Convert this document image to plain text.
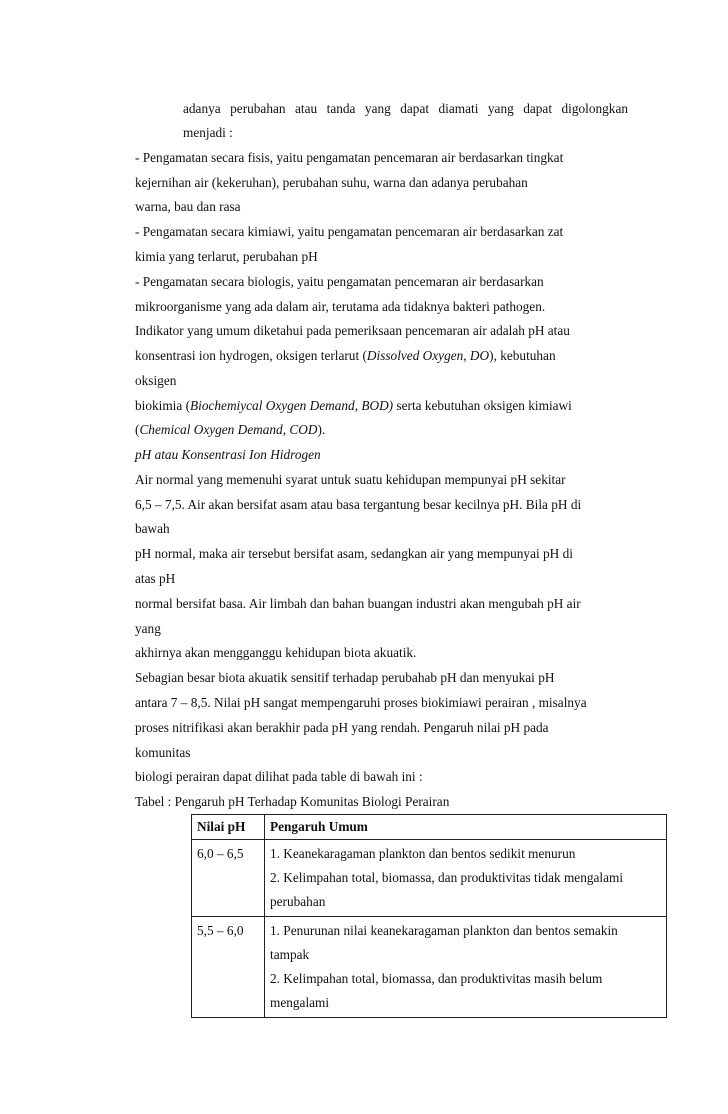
adanya perubahan atau tanda yang dapat diamati yang dapat digolongkan
menjadi :
- Pengamatan secara fisis, yaitu pengamatan pencemaran air berdasarkan tingkat
kejernihan air (kekeruhan), perubahan suhu, warna dan adanya perubahan
warna, bau dan rasa
- Pengamatan secara kimiawi, yaitu pengamatan pencemaran air berdasarkan zat
kimia yang terlarut, perubahan pH
- Pengamatan secara biologis, yaitu pengamatan pencemaran air berdasarkan
mikroorganisme yang ada dalam air, terutama ada tidaknya bakteri pathogen.
Indikator yang umum diketahui pada pemeriksaan pencemaran air adalah pH atau
konsentrasi ion hydrogen, oksigen terlarut (Dissolved Oxygen, DO), kebutuhan
oksigen
biokimia (Biochemiycal Oxygen Demand, BOD) serta kebutuhan oksigen kimiawi
(Chemical Oxygen Demand, COD).
pH atau Konsentrasi Ion Hidrogen
Air normal yang memenuhi syarat untuk suatu kehidupan mempunyai pH sekitar
6,5 – 7,5. Air akan bersifat asam atau basa tergantung besar kecilnya pH. Bila pH di
bawah
pH normal, maka air tersebut bersifat asam, sedangkan air yang mempunyai pH di
atas pH
normal bersifat basa. Air limbah dan bahan buangan industri akan mengubah pH air
yang
akhirnya akan mengganggu kehidupan biota akuatik.
Sebagian besar biota akuatik sensitif terhadap perubahab pH dan menyukai pH
antara 7 – 8,5. Nilai pH sangat mempengaruhi proses biokimiawi perairan , misalnya
proses nitrifikasi akan berakhir pada pH yang rendah. Pengaruh nilai pH pada
komunitas
biologi perairan dapat dilihat pada table di bawah ini :
Tabel : Pengaruh pH Terhadap Komunitas Biologi Perairan
Nilai pH	Pengaruh Umum
6,0 – 6,5	1. Keanekaragaman plankton dan bentos sedikit menurun
2. Kelimpahan total, biomassa, dan produktivitas tidak mengalami
perubahan

5,5 – 6,0	1. Penurunan nilai keanekaragaman plankton dan bentos semakin
tampak
2. Kelimpahan total, biomassa, dan produktivitas masih belum
mengalami
